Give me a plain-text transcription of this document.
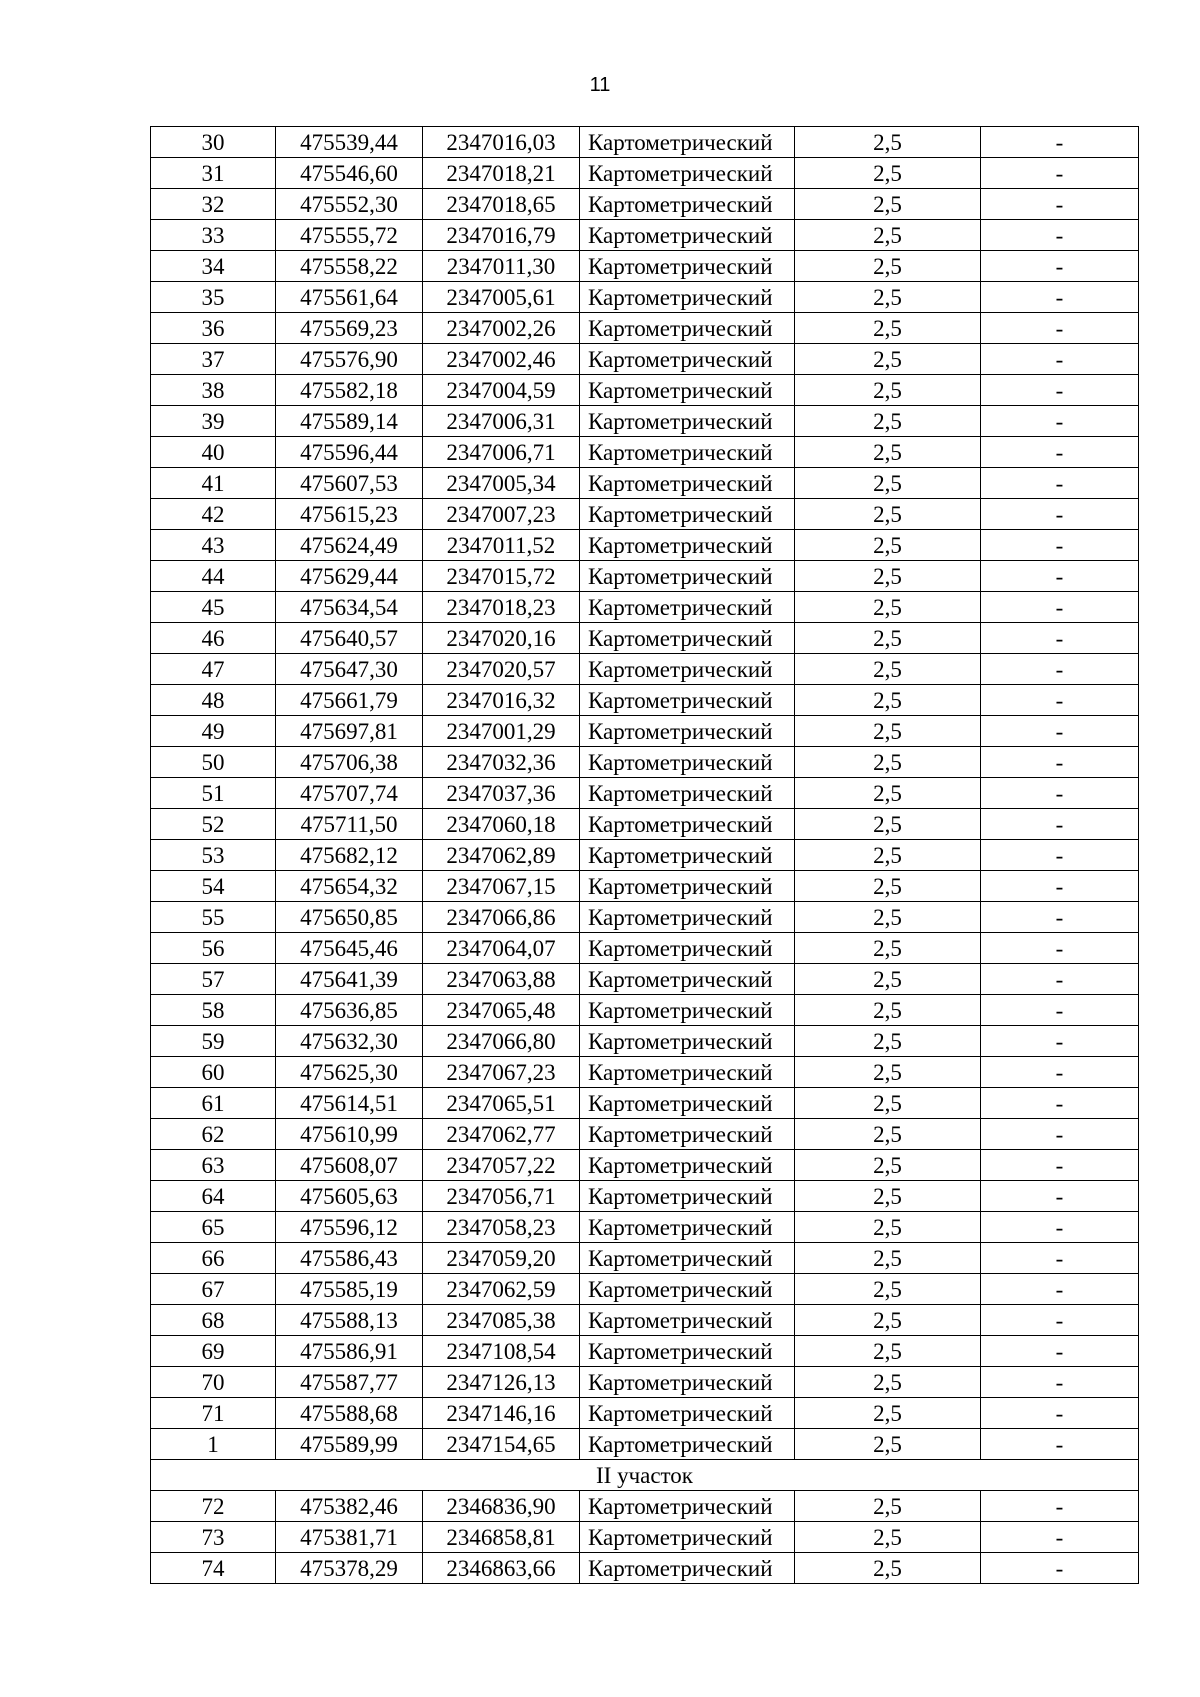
11
30	475539,44	2347016,03	Картометрический	2,5	-
31	475546,60	2347018,21	Картометрический	2,5	-
32	475552,30	2347018,65	Картометрический	2,5	-
33	475555,72	2347016,79	Картометрический	2,5	-
34	475558,22	2347011,30	Картометрический	2,5	-
35	475561,64	2347005,61	Картометрический	2,5	-
36	475569,23	2347002,26	Картометрический	2,5	-
37	475576,90	2347002,46	Картометрический	2,5	-
38	475582,18	2347004,59	Картометрический	2,5	-
39	475589,14	2347006,31	Картометрический	2,5	-
40	475596,44	2347006,71	Картометрический	2,5	-
41	475607,53	2347005,34	Картометрический	2,5	-
42	475615,23	2347007,23	Картометрический	2,5	-
43	475624,49	2347011,52	Картометрический	2,5	-
44	475629,44	2347015,72	Картометрический	2,5	-
45	475634,54	2347018,23	Картометрический	2,5	-
46	475640,57	2347020,16	Картометрический	2,5	-
47	475647,30	2347020,57	Картометрический	2,5	-
48	475661,79	2347016,32	Картометрический	2,5	-
49	475697,81	2347001,29	Картометрический	2,5	-
50	475706,38	2347032,36	Картометрический	2,5	-
51	475707,74	2347037,36	Картометрический	2,5	-
52	475711,50	2347060,18	Картометрический	2,5	-
53	475682,12	2347062,89	Картометрический	2,5	-
54	475654,32	2347067,15	Картометрический	2,5	-
55	475650,85	2347066,86	Картометрический	2,5	-
56	475645,46	2347064,07	Картометрический	2,5	-
57	475641,39	2347063,88	Картометрический	2,5	-
58	475636,85	2347065,48	Картометрический	2,5	-
59	475632,30	2347066,80	Картометрический	2,5	-
60	475625,30	2347067,23	Картометрический	2,5	-
61	475614,51	2347065,51	Картометрический	2,5	-
62	475610,99	2347062,77	Картометрический	2,5	-
63	475608,07	2347057,22	Картометрический	2,5	-
64	475605,63	2347056,71	Картометрический	2,5	-
65	475596,12	2347058,23	Картометрический	2,5	-
66	475586,43	2347059,20	Картометрический	2,5	-
67	475585,19	2347062,59	Картометрический	2,5	-
68	475588,13	2347085,38	Картометрический	2,5	-
69	475586,91	2347108,54	Картометрический	2,5	-
70	475587,77	2347126,13	Картометрический	2,5	-
71	475588,68	2347146,16	Картометрический	2,5	-
1	475589,99	2347154,65	Картометрический	2,5	-
II участок					
72	475382,46	2346836,90	Картометрический	2,5	-
73	475381,71	2346858,81	Картометрический	2,5	-
74	475378,29	2346863,66	Картометрический	2,5	-
